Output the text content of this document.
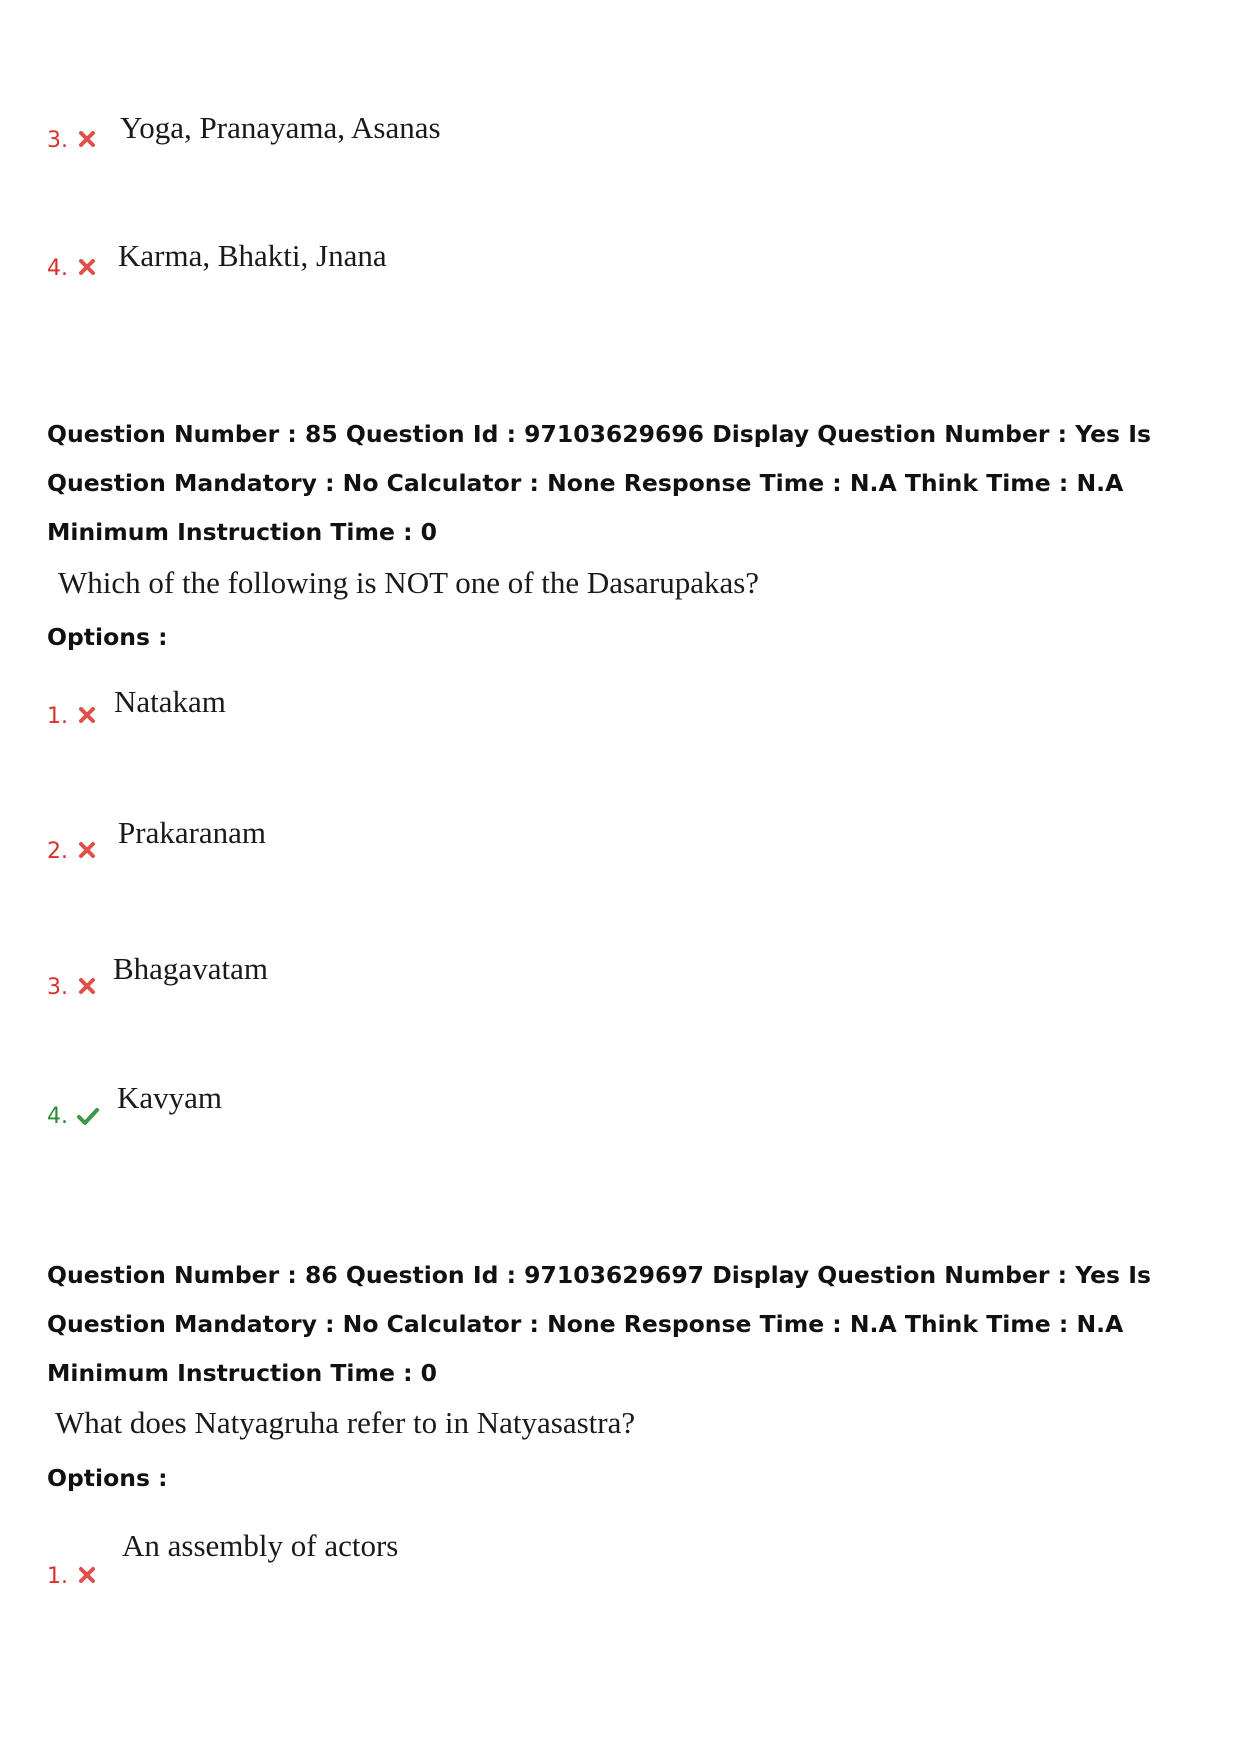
3. Yoga, Pranayama, Asanas
4. Karma, Bhakti, Jnana
Question Number : 85 Question Id : 97103629696 Display Question Number : Yes Is Question Mandatory : No Calculator : None Response Time : N.A Think Time : N.A Minimum Instruction Time : 0
Which of the following is NOT one of the Dasarupakas?
Options :
1. Natakam
2.
Prakaranam
3.
Bhagavatam
4.
Kavyam
Question Number : 86 Question Id : 97103629697 Display Question Number : Yes Is Question Mandatory : No Calculator : None Response Time : N.A Think Time : N.A Minimum Instruction Time : 0
What does Natyagruha refer to in Natyasastra?
Options :
1.
An assembly of actors
